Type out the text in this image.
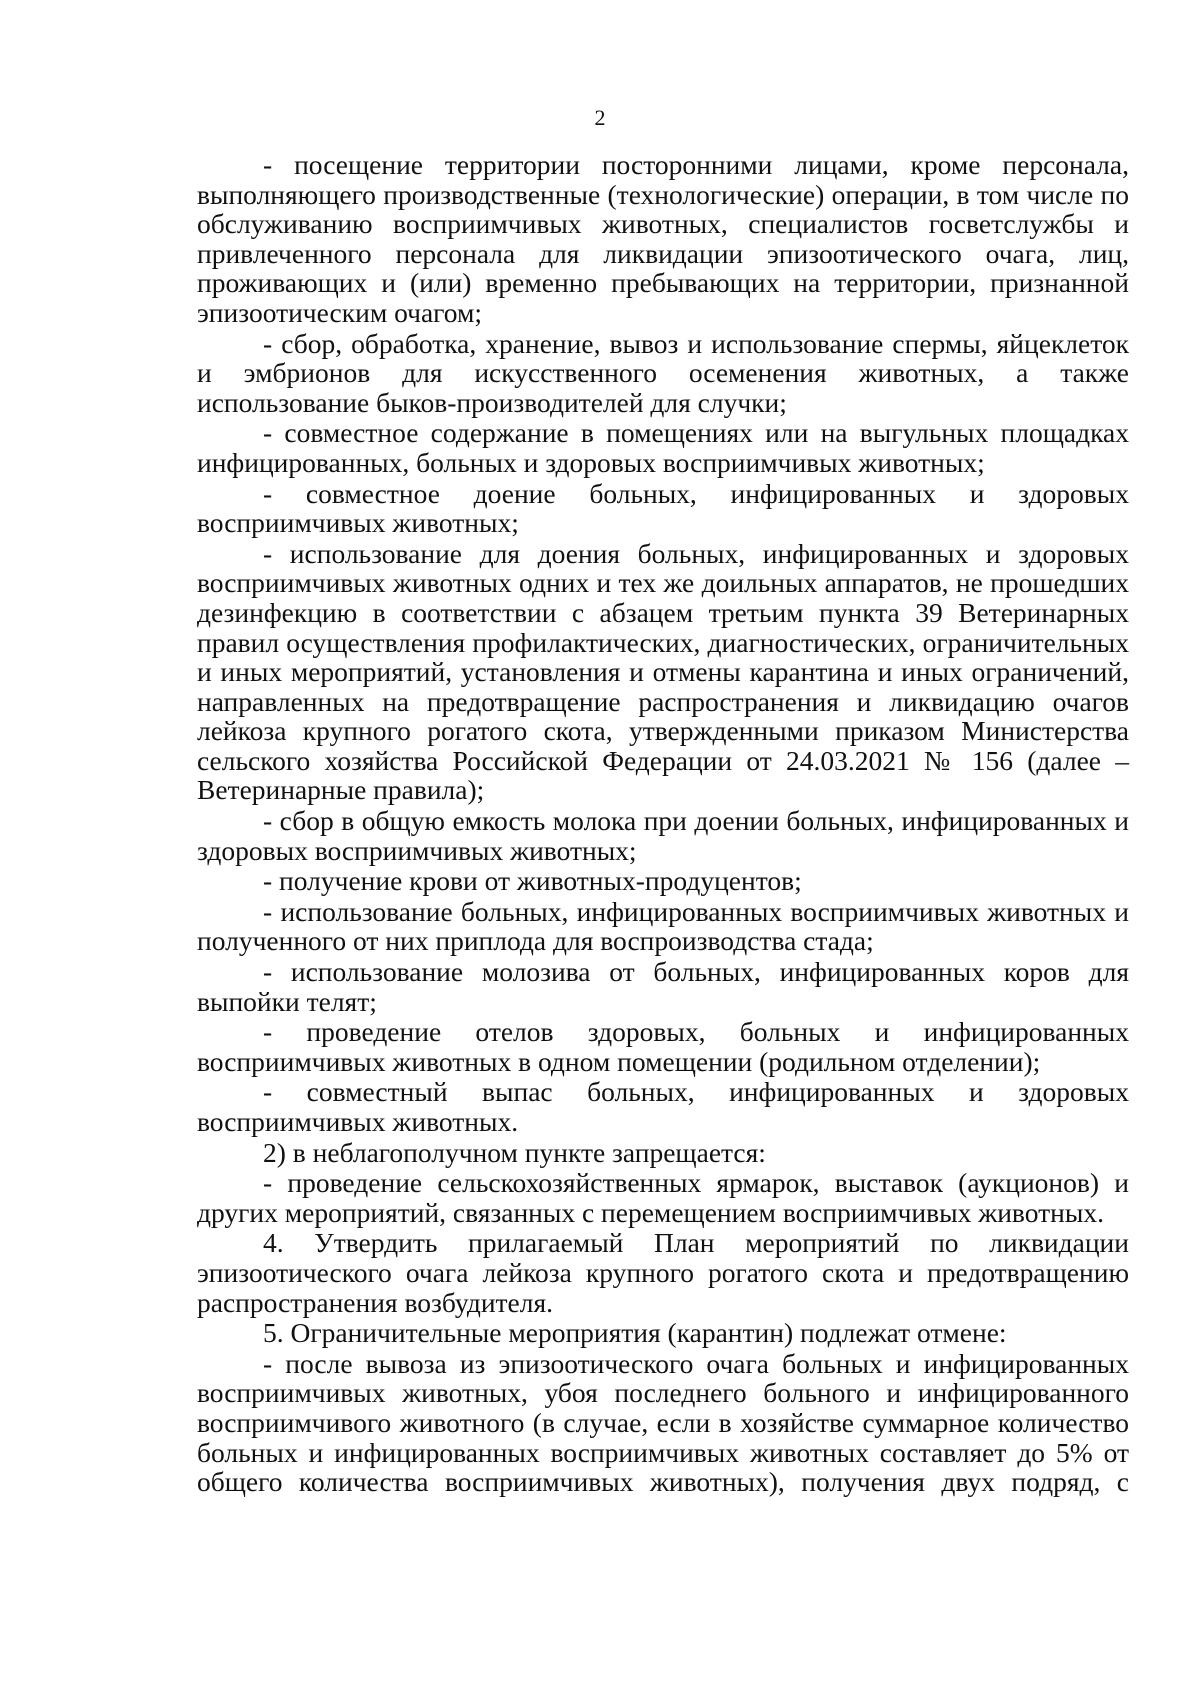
2

- посещение территории посторонними лицами, кроме персонала, выполняющего производственные (технологические) операции, в том числе по обслуживанию восприимчивых животных, специалистов госветслужбы и привлеченного персонала для ликвидации эпизоотического очага, лиц, проживающих и (или) временно пребывающих на территории, признанной эпизоотическим очагом;

- сбор, обработка, хранение, вывоз и использование спермы, яйцеклеток и эмбрионов для искусственного осеменения животных, а также использование быков-производителей для случки;

- совместное содержание в помещениях или на выгульных площадках инфицированных, больных и здоровых восприимчивых животных;

- совместное доение больных, инфицированных и здоровых восприимчивых животных;

- использование для доения больных, инфицированных и здоровых восприимчивых животных одних и тех же доильных аппаратов, не прошедших дезинфекцию в соответствии с абзацем третьим пункта 39 Ветеринарных правил осуществления профилактических, диагностических, ограничительных и иных мероприятий, установления и отмены карантина и иных ограничений, направленных на предотвращение распространения и ликвидацию очагов лейкоза крупного рогатого скота, утвержденными приказом Министерства сельского хозяйства Российской Федерации от 24.03.2021 № 156 (далее – Ветеринарные правила);

- сбор в общую емкость молока при доении больных, инфицированных и здоровых восприимчивых животных;

- получение крови от животных-продуцентов;

- использование больных, инфицированных восприимчивых животных и полученного от них приплода для воспроизводства стада;

- использование молозива от больных, инфицированных коров для выпойки телят;

- проведение отелов здоровых, больных и инфицированных восприимчивых животных в одном помещении (родильном отделении);

- совместный выпас больных, инфицированных и здоровых восприимчивых животных.

2) в неблагополучном пункте запрещается:

- проведение сельскохозяйственных ярмарок, выставок (аукционов) и других мероприятий, связанных с перемещением восприимчивых животных.

4. Утвердить прилагаемый План мероприятий по ликвидации эпизоотического очага лейкоза крупного рогатого скота и предотвращению распространения возбудителя.

5. Ограничительные мероприятия (карантин) подлежат отмене:

- после вывоза из эпизоотического очага больных и инфицированных восприимчивых животных, убоя последнего больного и инфицированного восприимчивого животного (в случае, если в хозяйстве суммарное количество больных и инфицированных восприимчивых животных составляет до 5% от общего количества восприимчивых животных), получения двух подряд, с
